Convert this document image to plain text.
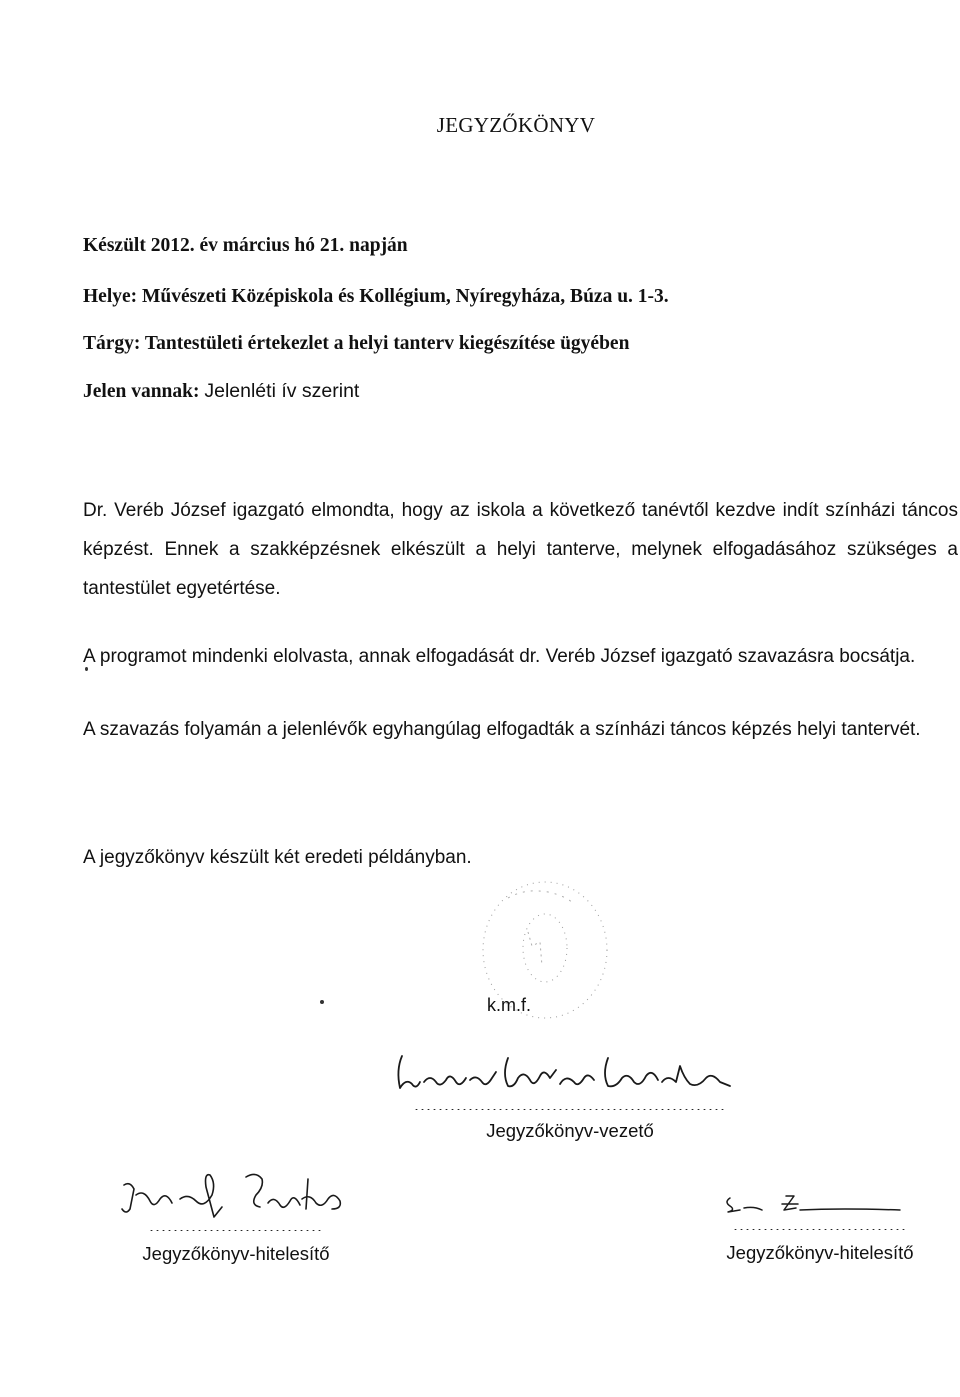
JEGYZŐKÖNYV
Készült 2012. év március hó 21. napján
Helye: Művészeti Középiskola és Kollégium, Nyíregyháza, Búza u. 1-3.
Tárgy: Tantestületi értekezlet a helyi tanterv kiegészítése ügyében
Jelen vannak: Jelenléti ív szerint
Dr. Veréb József igazgató elmondta, hogy az iskola a következő tanévtől kezdve indít színházi táncos
képzést. Ennek a szakképzésnek elkészült a helyi tanterve, melynek elfogadásához szükséges a
tantestület egyetértése.
A programot mindenki elolvasta, annak elfogadását dr. Veréb József igazgató szavazásra bocsátja.
A szavazás folyamán a jelenlévők egyhangúlag elfogadták a színházi táncos képzés helyi tantervét.
A jegyzőkönyv készült két eredeti példányban.
k.m.f.
....................................................
Jegyzőkönyv-vezető
.............................
Jegyzőkönyv-hitelesítő
.............................
Jegyzőkönyv-hitelesítő
